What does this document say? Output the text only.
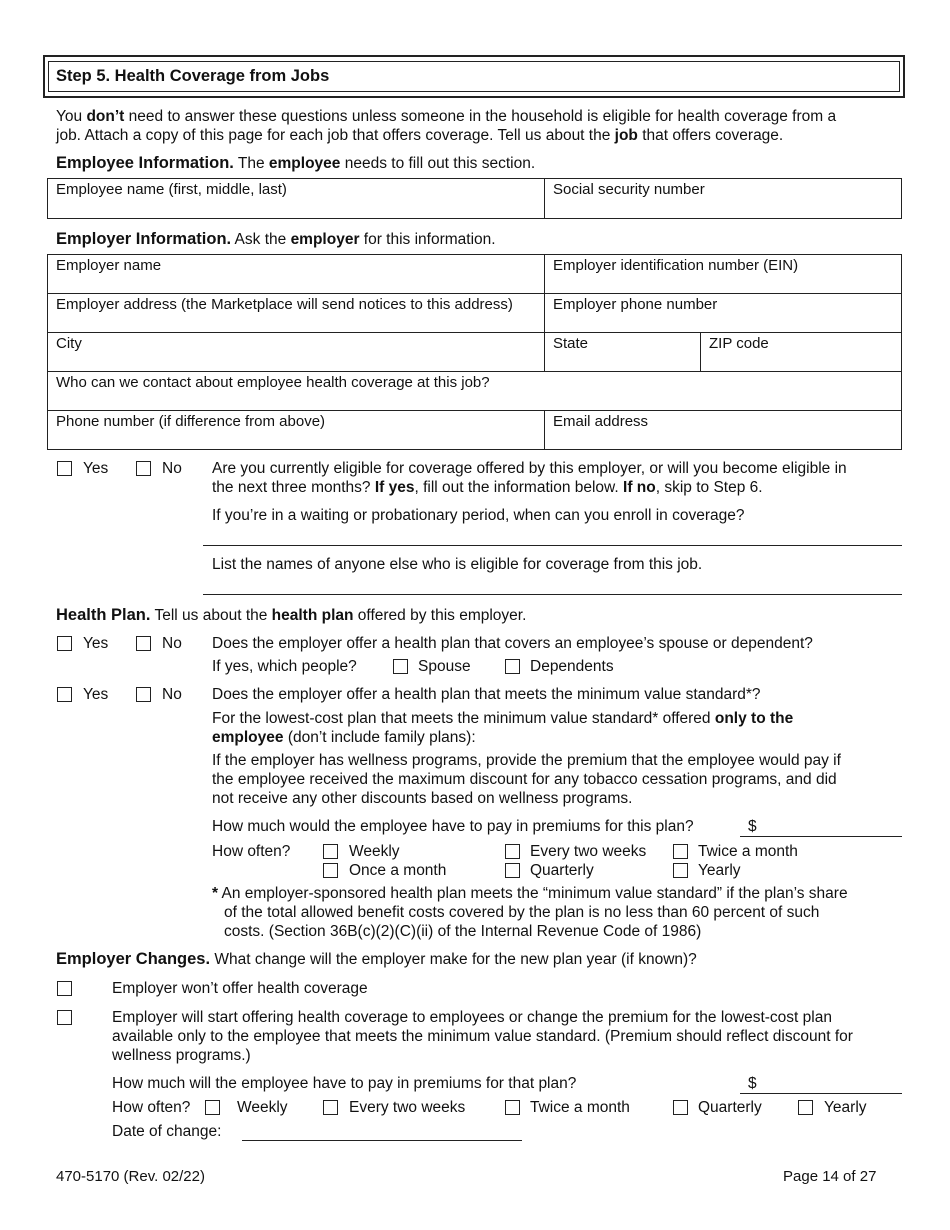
Step 5. Health Coverage from Jobs
You don’t need to answer these questions unless someone in the household is eligible for health coverage from a
job. Attach a copy of this page for each job that offers coverage. Tell us about the job that offers coverage.
Employee Information. The employee needs to fill out this section.
Employee name (first, middle, last)	Social security number
Employer Information. Ask the employer for this information.
Employer name	Employer identification number (EIN)
Employer address (the Marketplace will send notices to this address)	Employer phone number
City	State	ZIP code
Who can we contact about employee health coverage at this job?
Phone number (if difference from above)	Email address
Yes	No Are you currently eligible for coverage offered by this employer, or will you become eligible in
the next three months? If yes, fill out the information below. If no, skip to Step 6.
If you’re in a waiting or probationary period, when can you enroll in coverage?
List the names of anyone else who is eligible for coverage from this job.
Health Plan. Tell us about the health plan offered by this employer.
Yes	No Does the employer offer a health plan that covers an employee’s spouse or dependent?
If yes, which people?	Spouse	Dependents
Yes	No Does the employer offer a health plan that meets the minimum value standard*?
For the lowest-cost plan that meets the minimum value standard* offered only to the
employee (don’t include family plans):
If the employer has wellness programs, provide the premium that the employee would pay if
the employee received the maximum discount for any tobacco cessation programs, and did
not receive any other discounts based on wellness programs.
How much would the employee have to pay in premiums for this plan?	$
How often?	Weekly	Every two weeks	Twice a month
Once a month	Quarterly	Yearly
* An employer-sponsored health plan meets the “minimum value standard” if the plan’s share
of the total allowed benefit costs covered by the plan is no less than 60 percent of such
costs. (Section 36B(c)(2)(C)(ii) of the Internal Revenue Code of 1986)
Employer Changes. What change will the employer make for the new plan year (if known)?
Employer won’t offer health coverage
Employer will start offering health coverage to employees or change the premium for the lowest-cost plan
available only to the employee that meets the minimum value standard. (Premium should reflect discount for
wellness programs.)
How much will the employee have to pay in premiums for that plan?	$
How often?	Weekly	Every two weeks	Twice a month	Quarterly	Yearly
Date of change:
470-5170 (Rev. 02/22)	Page 14 of 27
